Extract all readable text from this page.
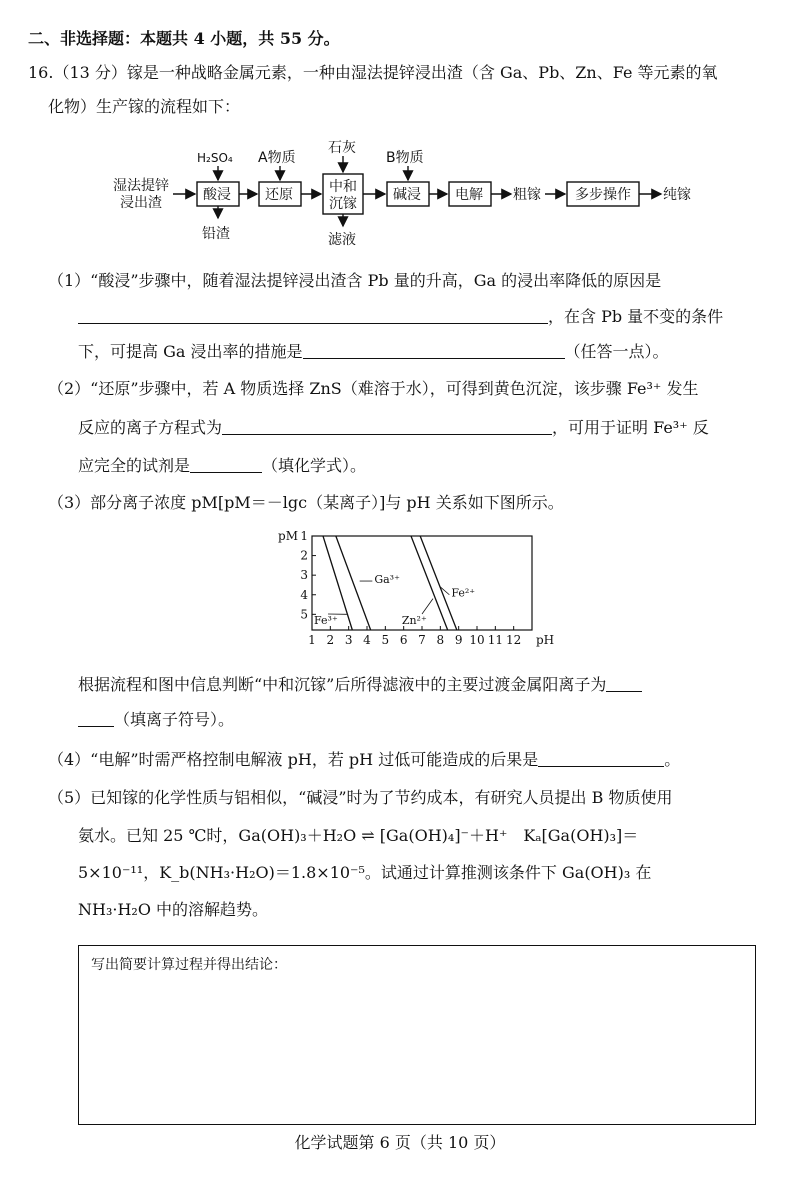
二、非选择题：本题共 4 小题，共 55 分。
16.（13 分）镓是一种战略金属元素，一种由湿法提锌浸出渣（含 Ga、Pb、Zn、Fe 等元素的氧
化物）生产镓的流程如下：
湿法提锌
浸出渣	酸浸 还原	中和
沉镓
碱浸 电解 粗镓 多步操作 纯镓
H₂SO₄
铅渣
A物质
石灰
滤液
B物质
（1）“酸浸”步骤中，随着湿法提锌浸出渣含 Pb 量的升高，Ga 的浸出率降低的原因是
，在含 Pb 量不变的条件
下，可提高 Ga 浸出率的措施是	（任答一点）。
（2）“还原”步骤中，若 A 物质选择 ZnS（难溶于水），可得到黄色沉淀，该步骤 Fe³⁺ 发生
反应的离子方程式为	，可用于证明 Fe³⁺ 反
应完全的试剂是	（填化学式）。
（3）部分离子浓度 pM[pM＝－lgc（某离子）]与 pH 关系如下图所示。
1 2 3 4 5 6 7 8 9 10 11 12 pH
1
2
3
4
5
pM
Fe³⁺
Ga³⁺
Zn²⁺
Fe²⁺
根据流程和图中信息判断“中和沉镓”后所得滤液中的主要过渡金属阳离子为
（填离子符号）。
（4）“电解”时需严格控制电解液 pH，若 pH 过低可能造成的后果是	。
（5）已知镓的化学性质与铝相似，“碱浸”时为了节约成本，有研究人员提出 B 物质使用
氨水。已知 25 ℃时，Ga(OH)₃＋H₂O ⇌ [Ga(OH)₄]⁻＋H⁺　Kₐ[Ga(OH)₃]＝
5×10⁻¹¹，K_b(NH₃·H₂O)＝1.8×10⁻⁵。试通过计算推测该条件下 Ga(OH)₃ 在
NH₃·H₂O 中的溶解趋势。
写出简要计算过程并得出结论：
化学试题第 6 页（共 10 页）
